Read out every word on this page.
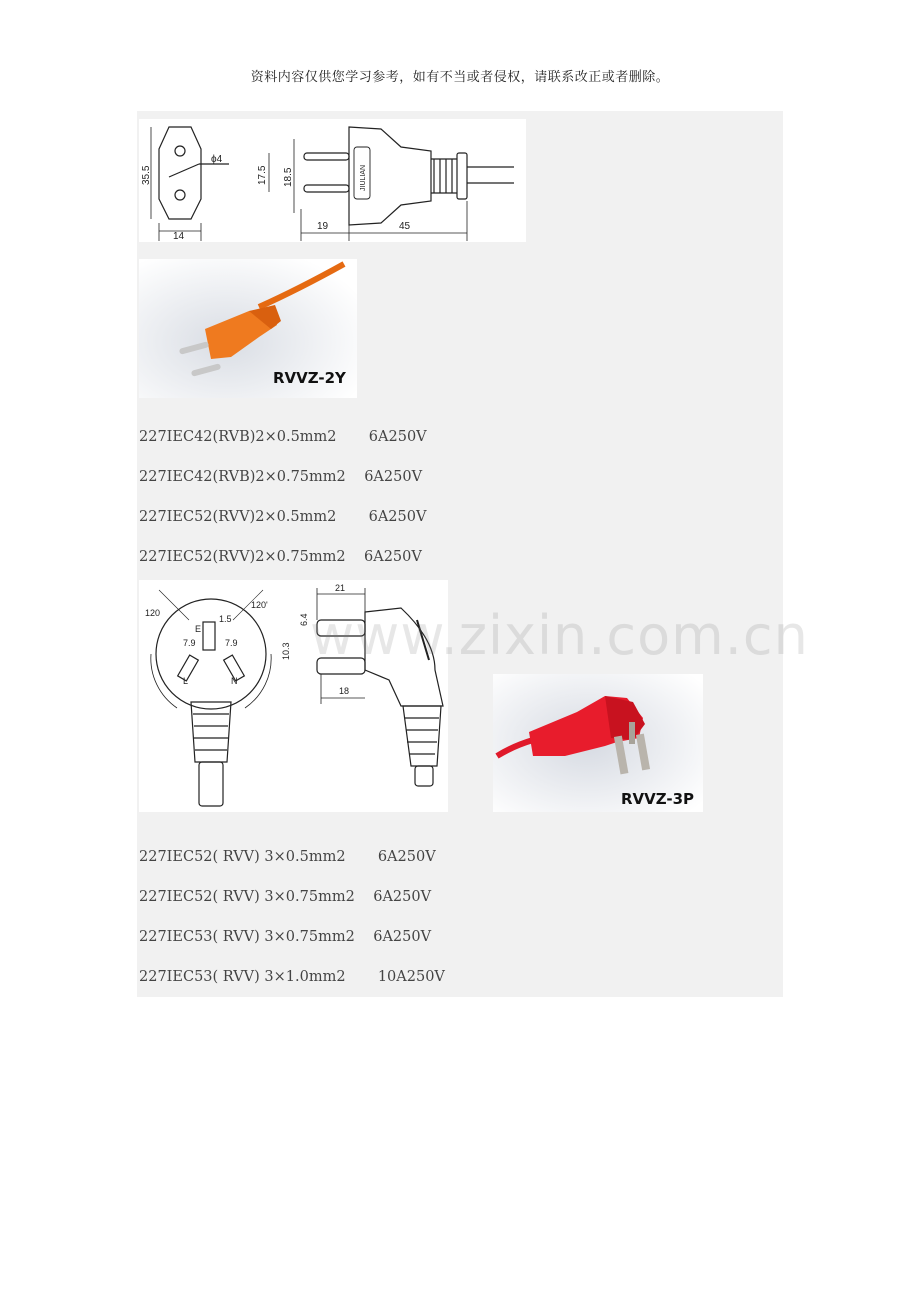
资料内容仅供您学习参考，如有不当或者侵权，请联系改正或者删除。
35.5
ϕ4
14
JIULIAN
17.5 18.5
19	45
RVVZ-2Y
227IEC42(RVB)2×0.5mm2       6A250V
227IEC42(RVB)2×0.75mm2    6A250V
227IEC52(RVV)2×0.5mm2       6A250V
227IEC52(RVV)2×0.75mm2    6A250V
120
120'
1.5
E
7.9	7.9
L	N
21
6.4
10.3
18
RVVZ-3P
227IEC52( RVV) 3×0.5mm2       6A250V
227IEC52( RVV) 3×0.75mm2    6A250V
227IEC53( RVV) 3×0.75mm2    6A250V
227IEC53( RVV) 3×1.0mm2       10A250V
www.zixin.com.cn
